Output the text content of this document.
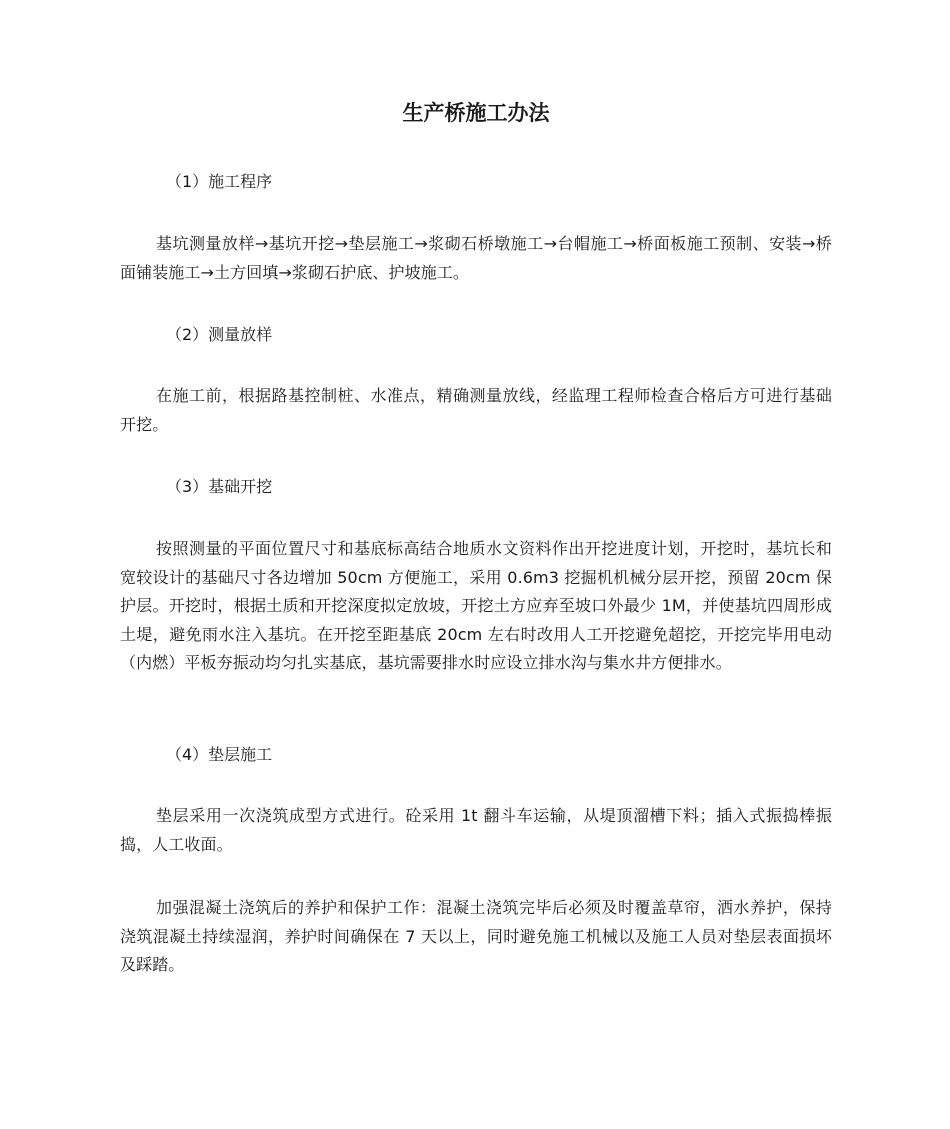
生产桥施工办法

（1）施工程序

基坑测量放样→基坑开挖→垫层施工→浆砌石桥墩施工→台帽施工→桥面板施工预制、安装→桥面铺装施工→土方回填→浆砌石护底、护坡施工。

（2）测量放样

在施工前，根据路基控制桩、水准点，精确测量放线，经监理工程师检查合格后方可进行基础开挖。

（3）基础开挖

按照测量的平面位置尺寸和基底标高结合地质水文资料作出开挖进度计划，开挖时，基坑长和宽较设计的基础尺寸各边增加 50cm 方便施工，采用 0.6m3 挖掘机机械分层开挖，预留 20cm 保护层。开挖时，根据土质和开挖深度拟定放坡，开挖土方应弃至坡口外最少 1M，并使基坑四周形成土堤，避免雨水注入基坑。在开挖至距基底 20cm 左右时改用人工开挖避免超挖，开挖完毕用电动（内燃）平板夯振动均匀扎实基底，基坑需要排水时应设立排水沟与集水井方便排水。

（4）垫层施工

垫层采用一次浇筑成型方式进行。砼采用 1t 翻斗车运输，从堤顶溜槽下料；插入式振捣棒振捣，人工收面。

加强混凝土浇筑后的养护和保护工作：混凝土浇筑完毕后必须及时覆盖草帘，洒水养护，保持浇筑混凝土持续湿润，养护时间确保在 7 天以上，同时避免施工机械以及施工人员对垫层表面损坏及踩踏。
